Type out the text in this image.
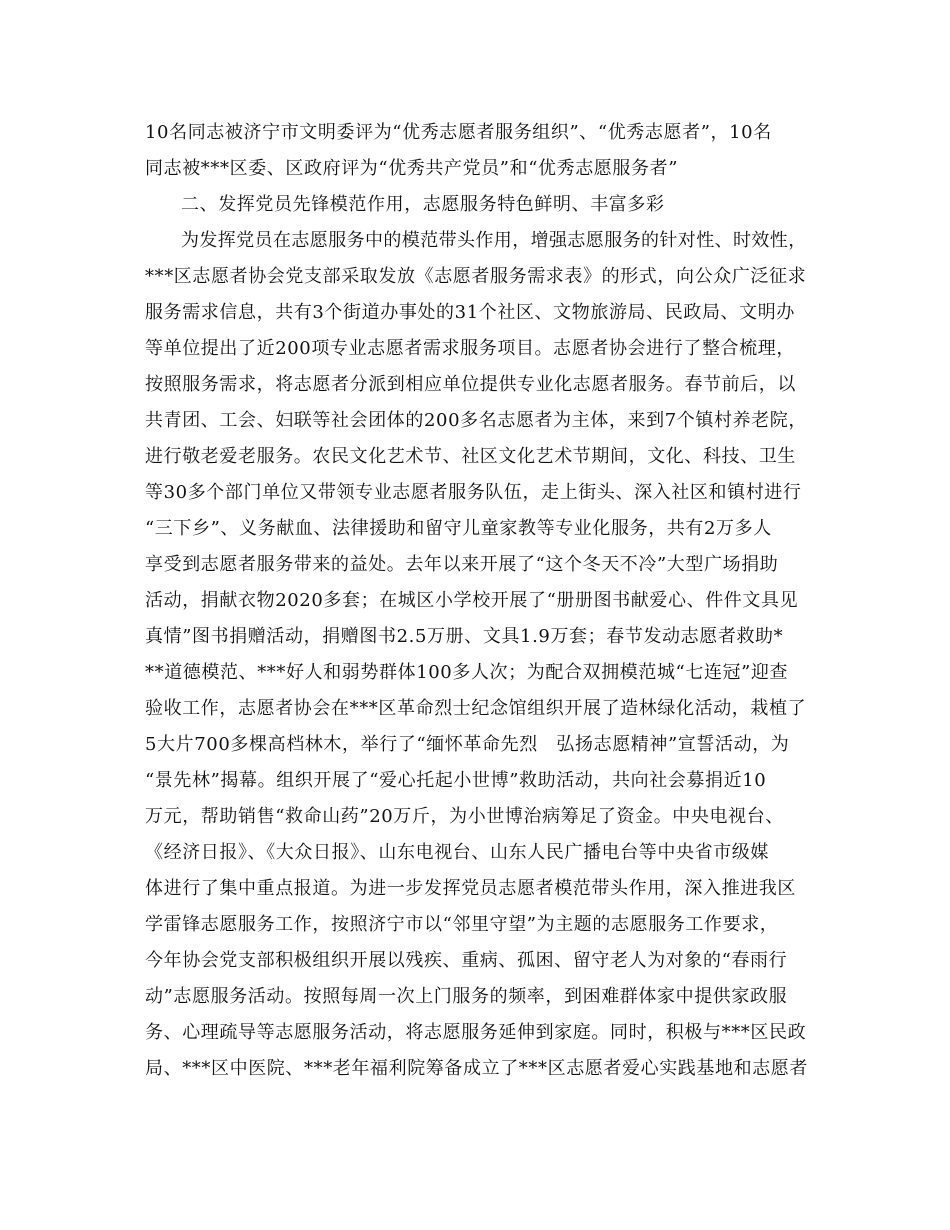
10名同志被济宁市文明委评为“优秀志愿者服务组织”、“优秀志愿者”，10名

同志被***区委、区政府评为“优秀共产党员”和“优秀志愿服务者”

二、发挥党员先锋模范作用，志愿服务特色鲜明、丰富多彩

为发挥党员在志愿服务中的模范带头作用，增强志愿服务的针对性、时效性，

***区志愿者协会党支部采取发放《志愿者服务需求表》的形式，向公众广泛征求

服务需求信息，共有3个街道办事处的31个社区、文物旅游局、民政局、文明办

等单位提出了近200项专业志愿者需求服务项目。志愿者协会进行了整合梳理，

按照服务需求，将志愿者分派到相应单位提供专业化志愿者服务。春节前后，以

共青团、工会、妇联等社会团体的200多名志愿者为主体，来到7个镇村养老院，

进行敬老爱老服务。农民文化艺术节、社区文化艺术节期间，文化、科技、卫生

等30多个部门单位又带领专业志愿者服务队伍，走上街头、深入社区和镇村进行

“三下乡”、义务献血、法律援助和留守儿童家教等专业化服务，共有2万多人

享受到志愿者服务带来的益处。去年以来开展了“这个冬天不冷”大型广场捐助

活动，捐献衣物2020多套；在城区小学校开展了“册册图书献爱心、件件文具见

真情”图书捐赠活动，捐赠图书2.5万册、文具1.9万套；春节发动志愿者救助*

**道德模范、***好人和弱势群体100多人次；为配合双拥模范城“七连冠”迎查

验收工作，志愿者协会在***区革命烈士纪念馆组织开展了造林绿化活动，栽植了

5大片700多棵高档林木，举行了“缅怀革命先烈　弘扬志愿精神”宣誓活动，为

“景先林”揭幕。组织开展了“爱心托起小世博”救助活动，共向社会募捐近10

万元，帮助销售“救命山药”20万斤，为小世博治病筹足了资金。中央电视台、

《经济日报》、《大众日报》、山东电视台、山东人民广播电台等中央省市级媒

体进行了集中重点报道。为进一步发挥党员志愿者模范带头作用，深入推进我区

学雷锋志愿服务工作，按照济宁市以“邻里守望”为主题的志愿服务工作要求，

今年协会党支部积极组织开展以残疾、重病、孤困、留守老人为对象的“春雨行

动”志愿服务活动。按照每周一次上门服务的频率，到困难群体家中提供家政服

务、心理疏导等志愿服务活动，将志愿服务延伸到家庭。同时，积极与***区民政

局、***区中医院、***老年福利院筹备成立了***区志愿者爱心实践基地和志愿者
